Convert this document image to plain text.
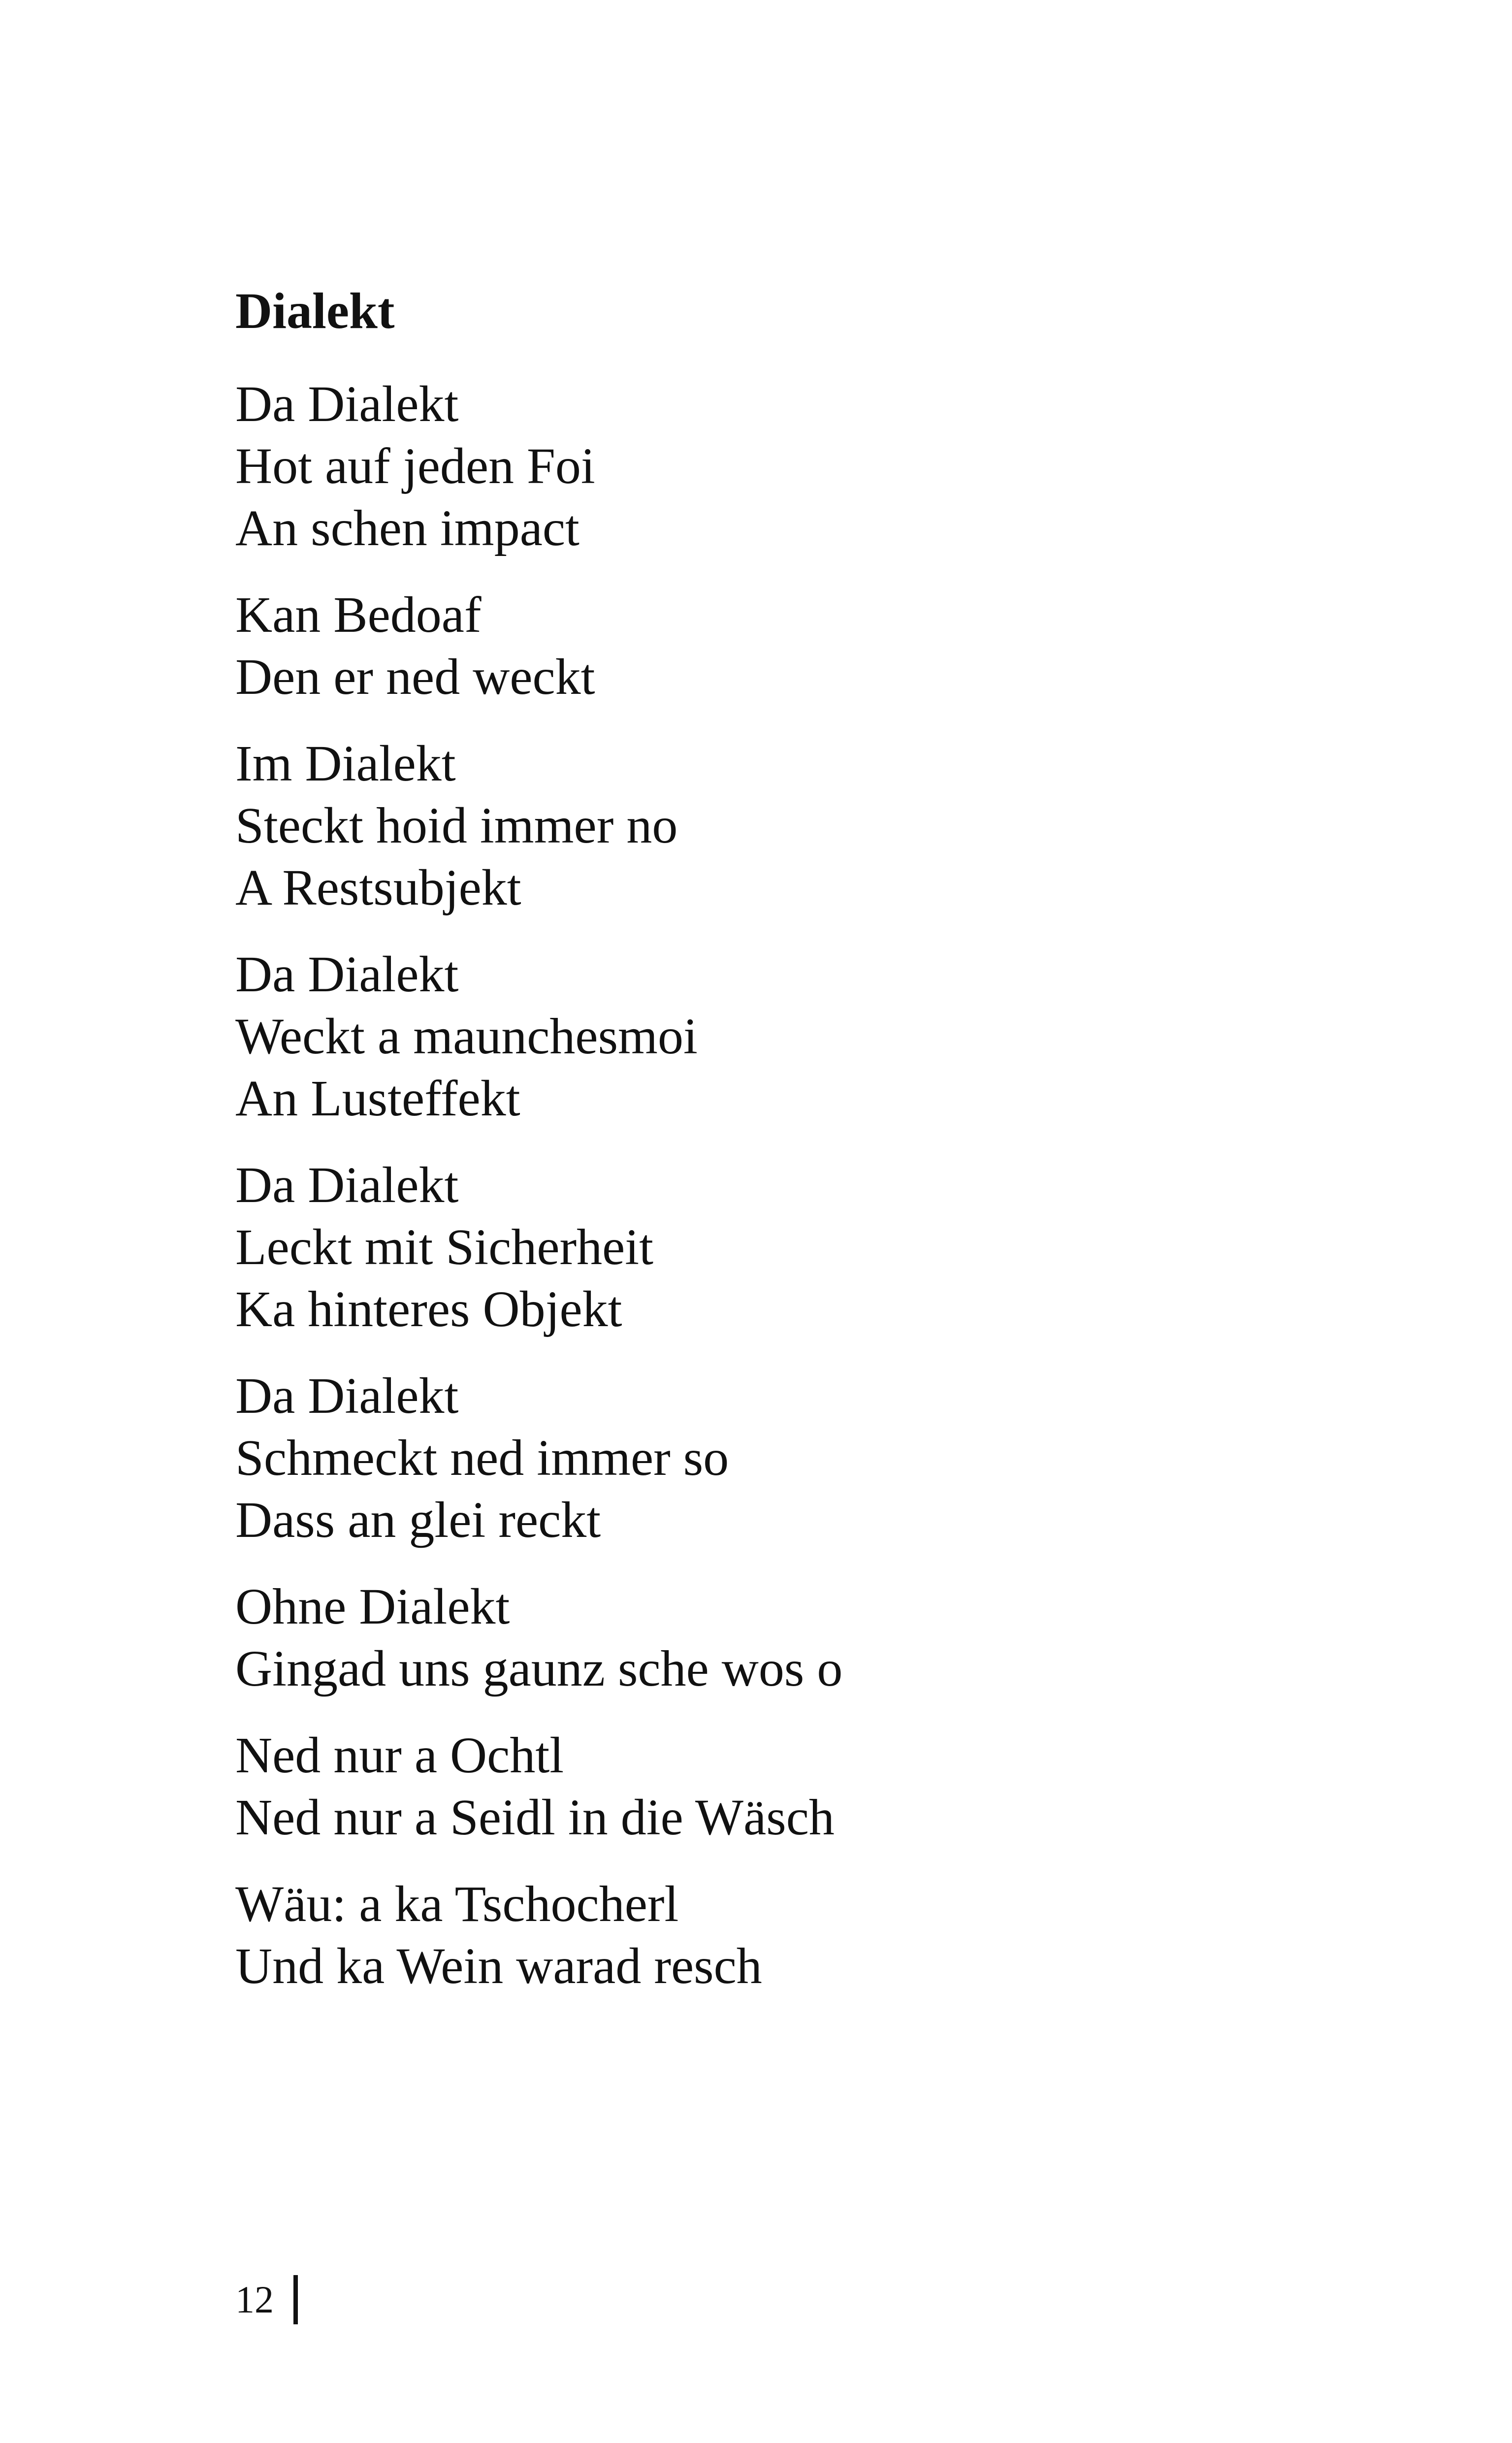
Dialekt
Da Dialekt
Hot auf jeden Foi
An schen impact
Kan Bedoaf
Den er ned weckt
Im Dialekt
Steckt hoid immer no
A Restsubjekt
Da Dialekt
Weckt a maunchesmoi
An Lusteffekt
Da Dialekt
Leckt mit Sicherheit
Ka hinteres Objekt
Da Dialekt
Schmeckt ned immer so
Dass an glei reckt
Ohne Dialekt
Gingad uns gaunz sche wos o
Ned nur a Ochtl
Ned nur a Seidl in die Wäsch
Wäu: a ka Tschocherl
Und ka Wein warad resch
12
